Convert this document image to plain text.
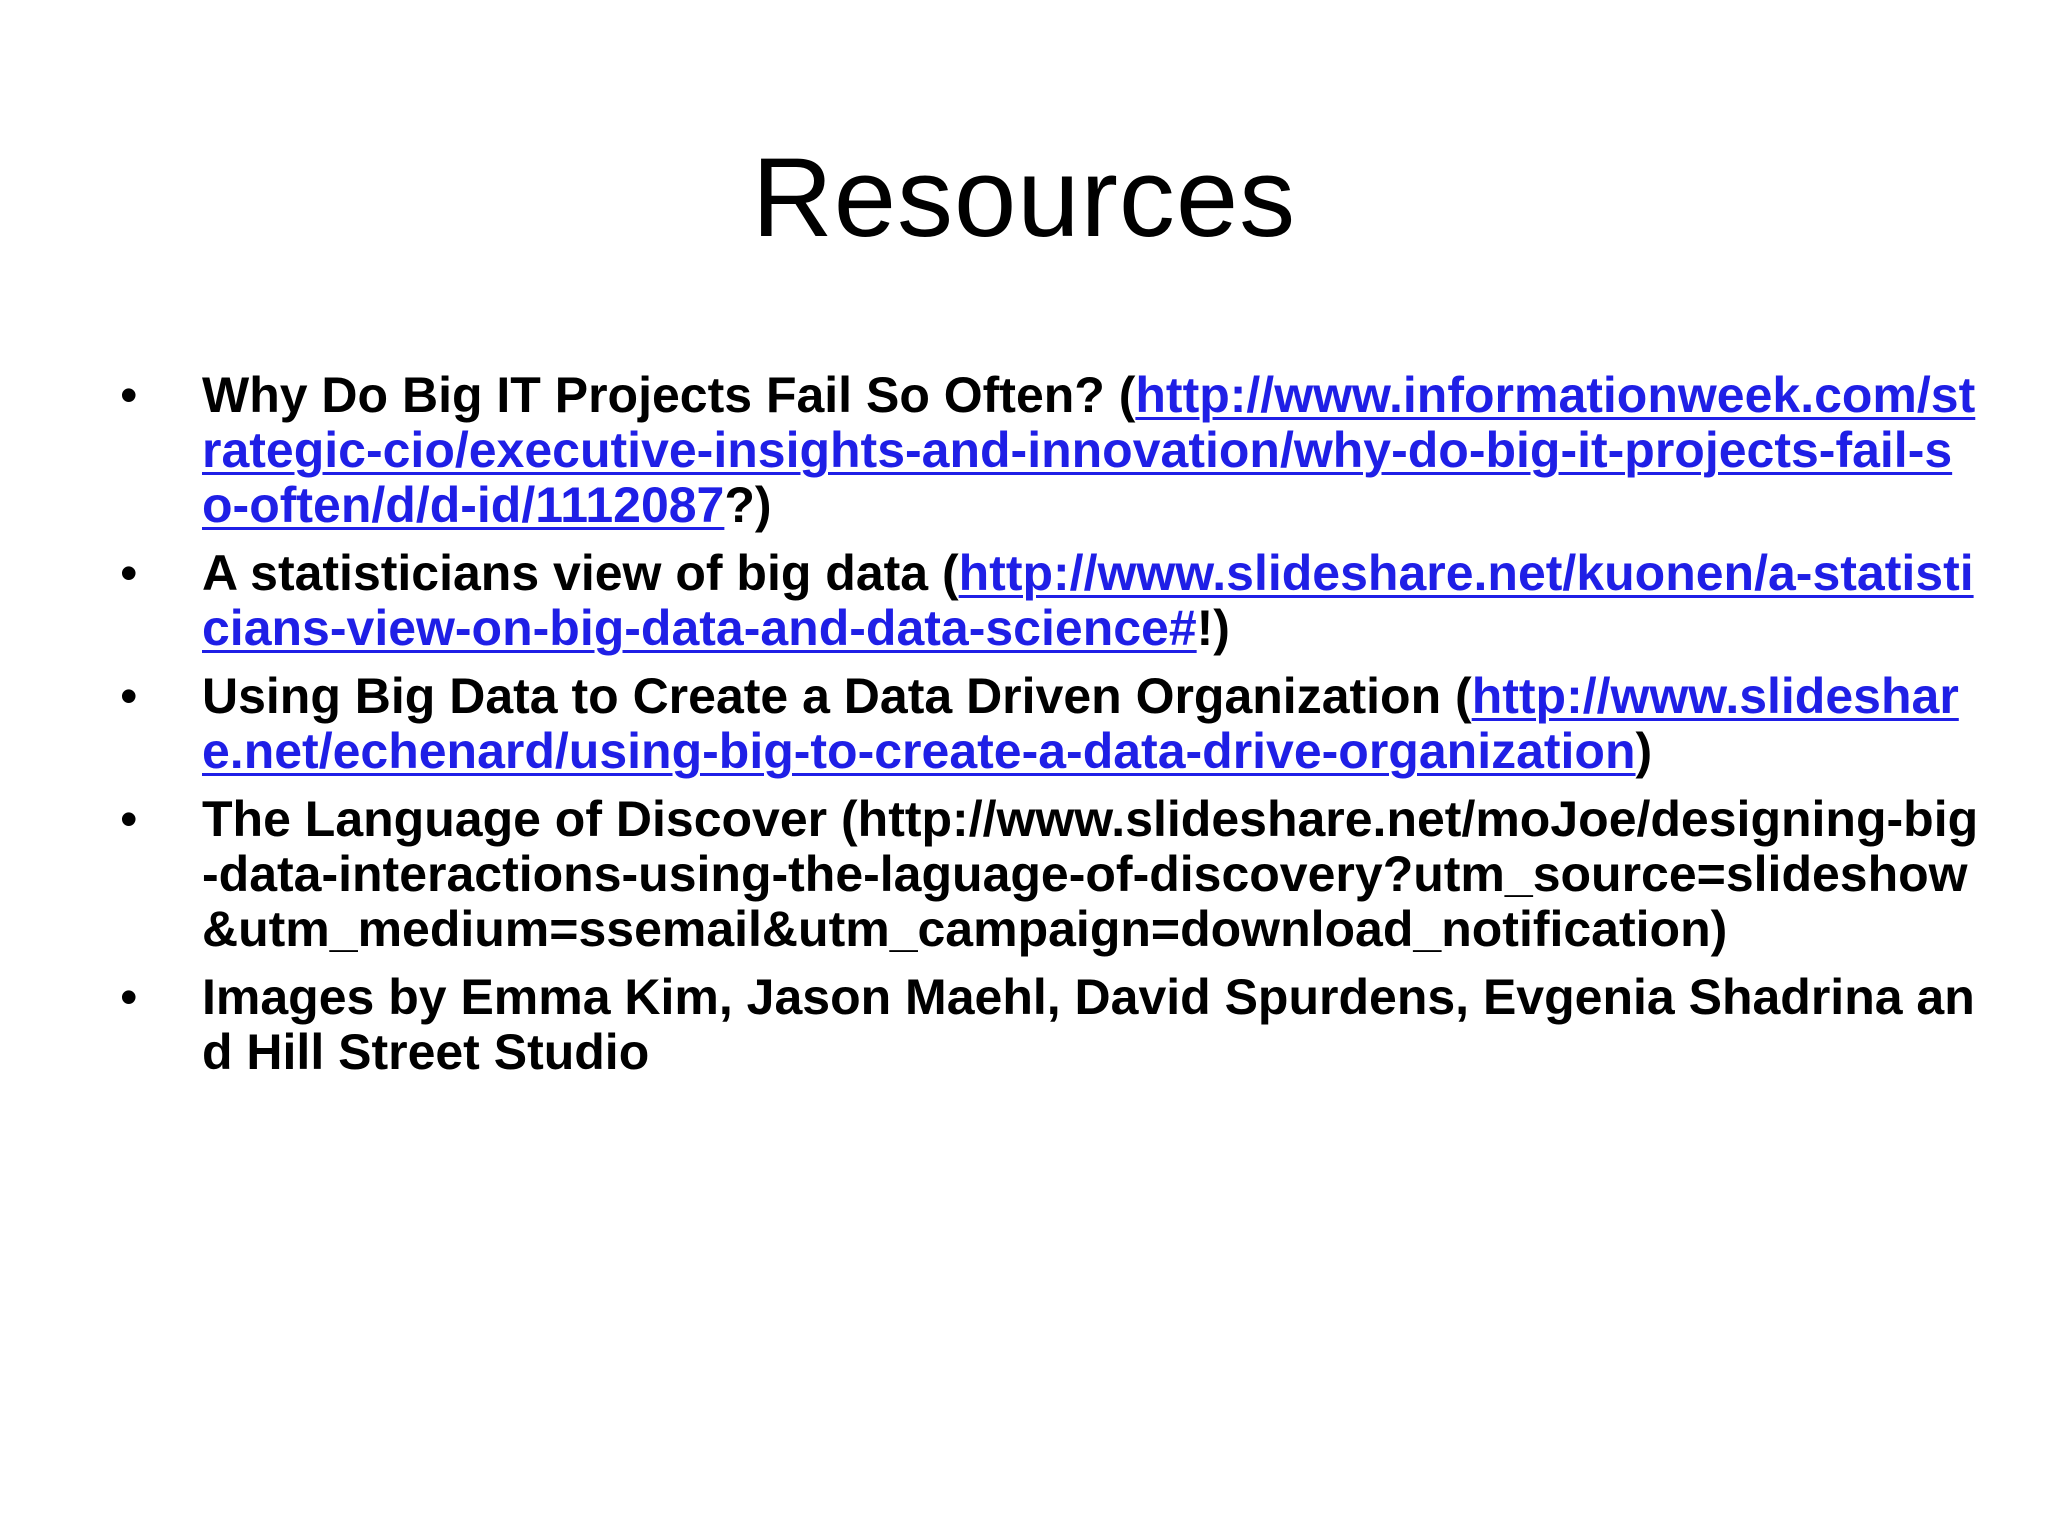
Resources
•	Why Do Big IT Projects Fail So Often? (http://www.informationweek.com/strategic-cio/executive-insights-and-innovation/why-do-big-it-projects-fail-so-often/d/d-id/1112087?)
•	A statisticians view of big data (http://www.slideshare.net/kuonen/a-statisticians-view-on-big-data-and-data-science#!)
•	Using Big Data to Create a Data Driven Organization (http://www.slideshare.net/echenard/using-big-to-create-a-data-drive-organization)
•	The Language of Discover (http://www.slideshare.net/moJoe/designing-big-data-interactions-using-the-laguage-of-discovery?utm_source=slideshow&utm_medium=ssemail&utm_campaign=download_notification)
•	Images by Emma Kim, Jason Maehl, David Spurdens, Evgenia Shadrina and Hill Street Studio
